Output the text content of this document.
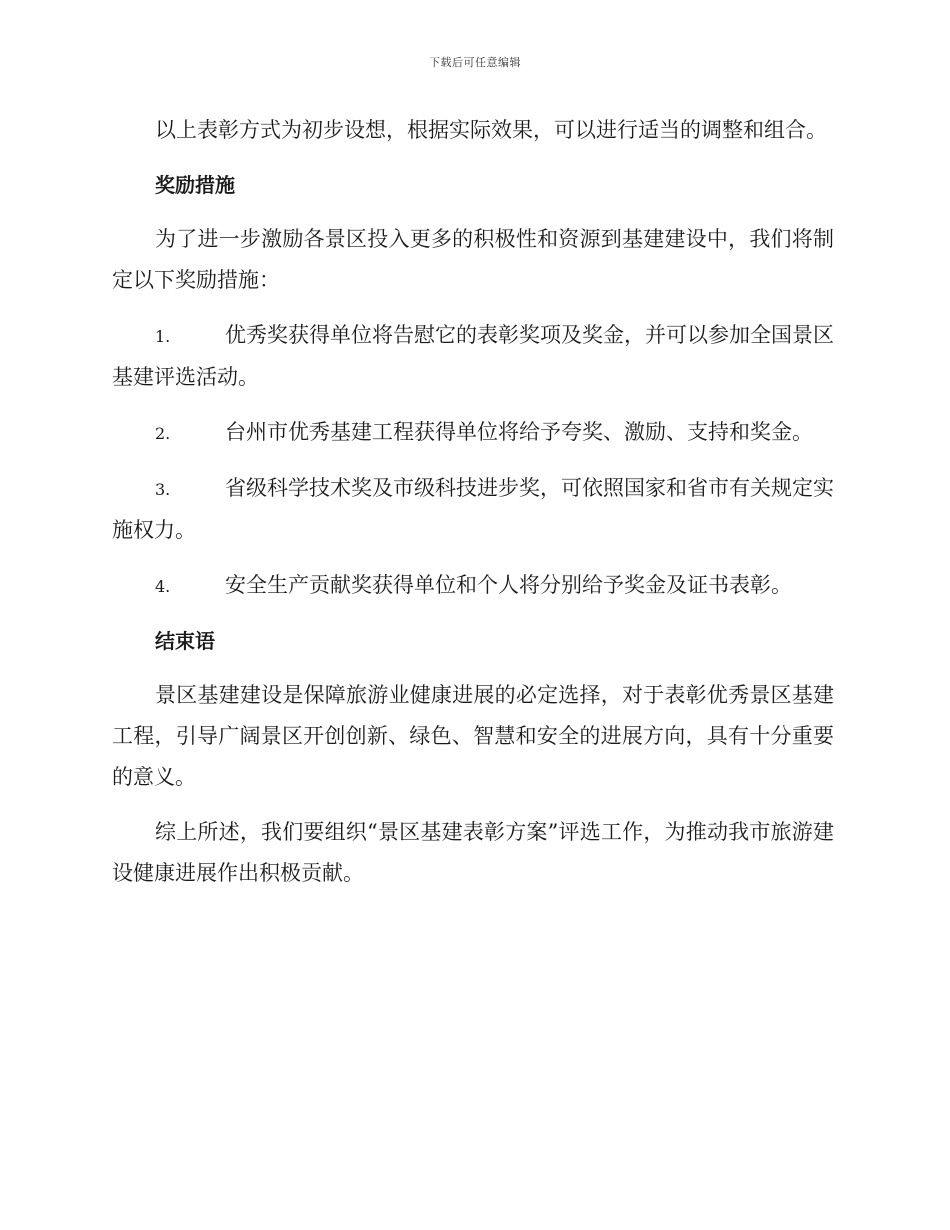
下载后可任意编辑

以上表彰方式为初步设想，根据实际效果，可以进行适当的调整和组合。

奖励措施

为了进一步激励各景区投入更多的积极性和资源到基建建设中，我们将制定以下奖励措施：

1.	优秀奖获得单位将告慰它的表彰奖项及奖金，并可以参加全国景区基建评选活动。
2.	台州市优秀基建工程获得单位将给予夸奖、激励、支持和奖金。
3.	省级科学技术奖及市级科技进步奖，可依照国家和省市有关规定实施权力。
4.	安全生产贡献奖获得单位和个人将分别给予奖金及证书表彰。
结束语

景区基建建设是保障旅游业健康进展的必定选择，对于表彰优秀景区基建工程，引导广阔景区开创创新、绿色、智慧和安全的进展方向，具有十分重要的意义。

综上所述，我们要组织“景区基建表彰方案”评选工作，为推动我市旅游建设健康进展作出积极贡献。
